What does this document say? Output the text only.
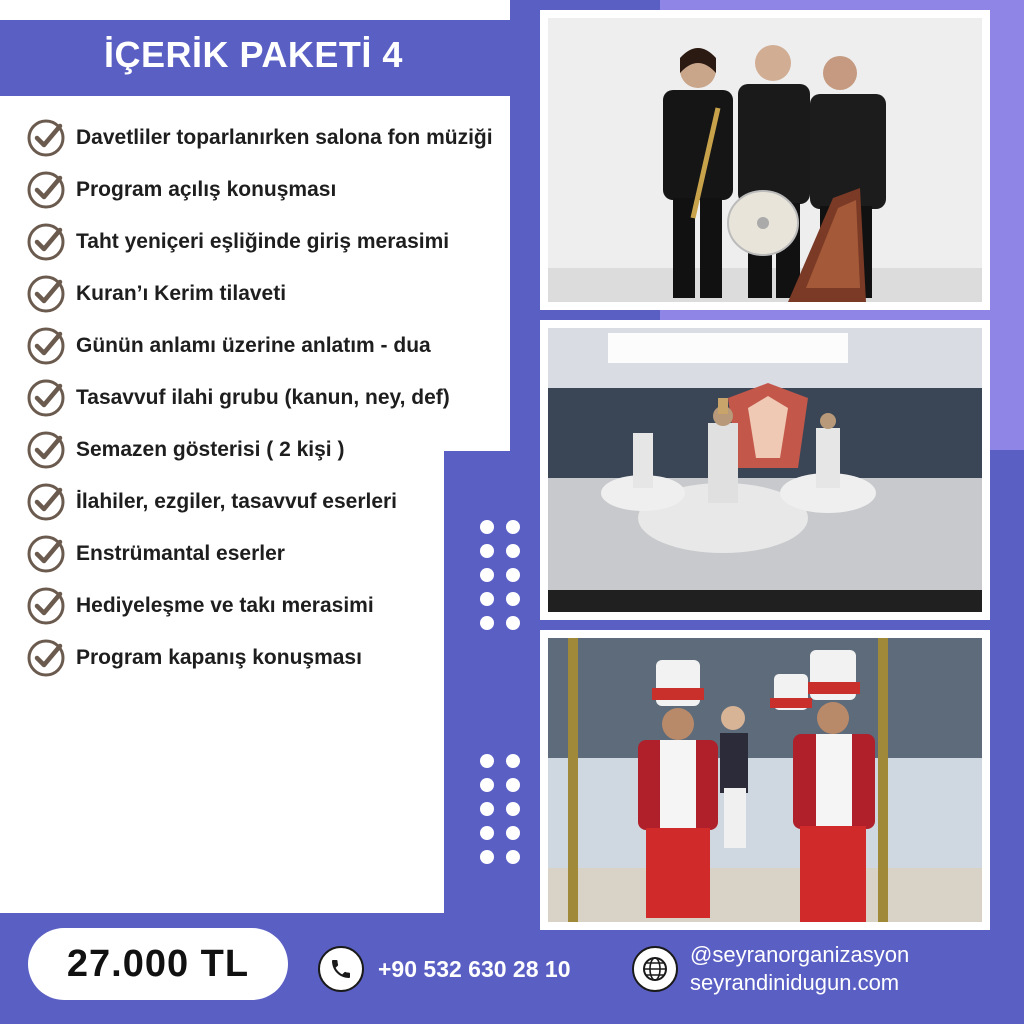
İÇERİK PAKETİ 4
Davetliler toparlanırken salona fon müziği
Program açılış konuşması
Taht yeniçeri eşliğinde giriş merasimi
Kuran’ı Kerim tilaveti
Günün anlamı üzerine anlatım - dua
Tasavvuf ilahi grubu (kanun, ney, def)
Semazen gösterisi ( 2 kişi )
İlahiler, ezgiler, tasavvuf eserleri
Enstrümantal eserler
Hediyeleşme ve takı merasimi
Program kapanış konuşması
27.000 TL	+90 532 630 28 10
@seyranorganizasyon
seyrandinidugun.com
